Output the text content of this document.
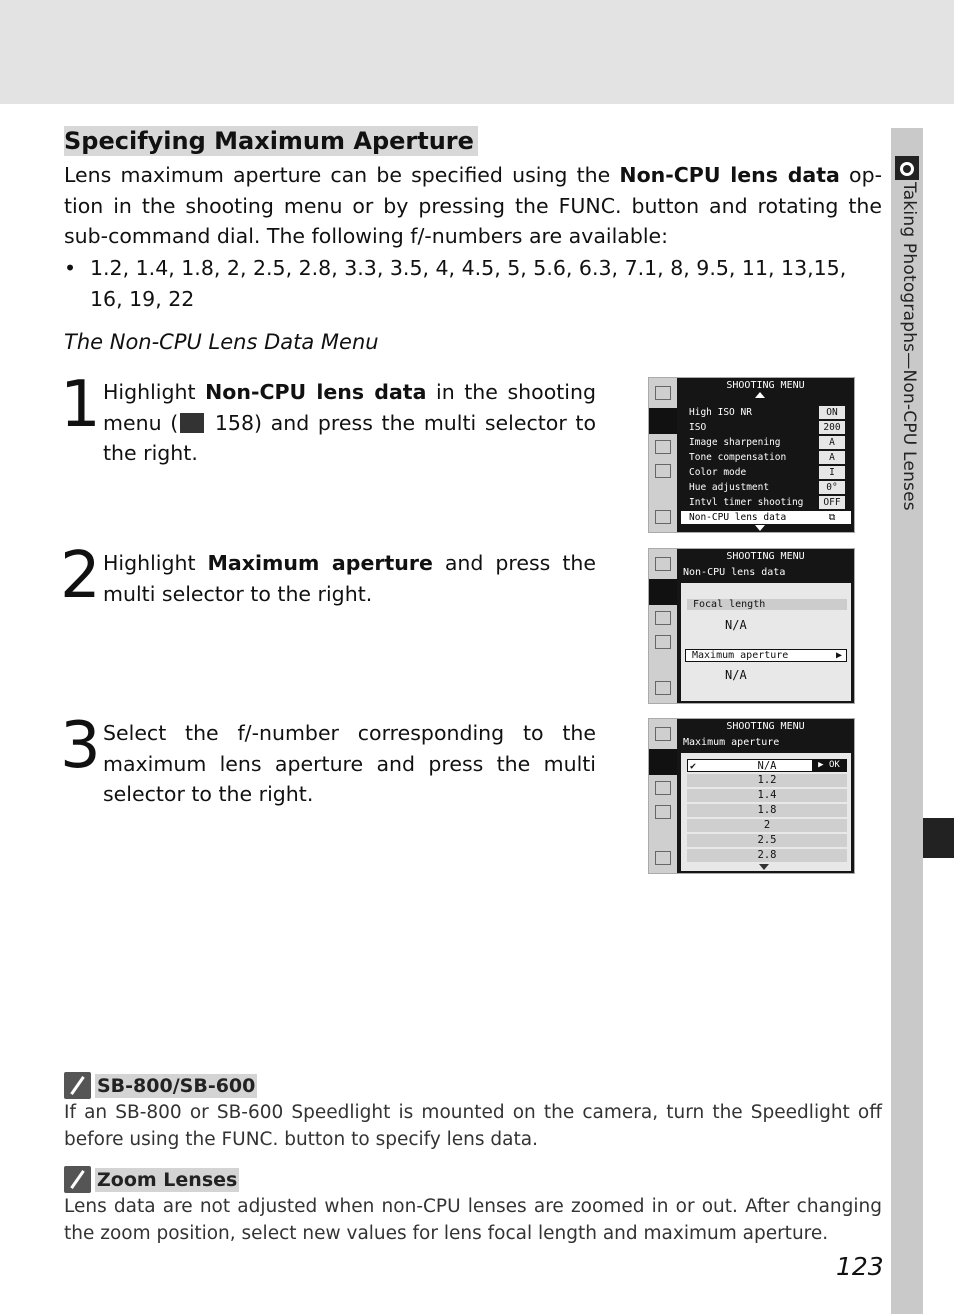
Taking Photographs—Non-CPU Lenses
Specifying Maximum Aperture

Lens maximum aperture can be specified using the Non-CPU lens data op-tion in the shooting menu or by pressing the FUNC. button and rotating the sub-command dial. The following f/-numbers are available:

• 1.2, 1.4, 1.8, 2, 2.5, 2.8, 3.3, 3.5, 4, 4.5, 5, 5.6, 6.3, 7.1, 8, 9.5, 11, 13,15, 16, 19, 22
The Non-CPU Lens Data Menu
1 Highlight Non-CPU lens data in the shooting menu ( 158) and press the multi selector to the right.
2 Highlight Maximum aperture and press the multi selector to the right.
3 Select the f/-number corresponding to the maximum lens aperture and press the multi selector to the right.
SHOOTING MENU
High ISO NR	ON
ISO	200
Image sharpening	A
Tone compensation	A
Color mode	I
Hue adjustment	0°
Intvl timer shooting	OFF
Non-CPU lens data	⧉
SHOOTING MENU
Non-CPU lens data
Focal length
N/A
Maximum aperture	▶
N/A
SHOOTING MENU
Maximum aperture
✔	N/A	▶ OK
1.2
1.4
1.8
2
2.5
2.8
SB-800/SB-600
If an SB-800 or SB-600 Speedlight is mounted on the camera, turn the Speedlight off before using the FUNC. button to specify lens data.
Zoom Lenses
Lens data are not adjusted when non-CPU lenses are zoomed in or out. After changing the zoom position, select new values for lens focal length and maximum aperture.
123
